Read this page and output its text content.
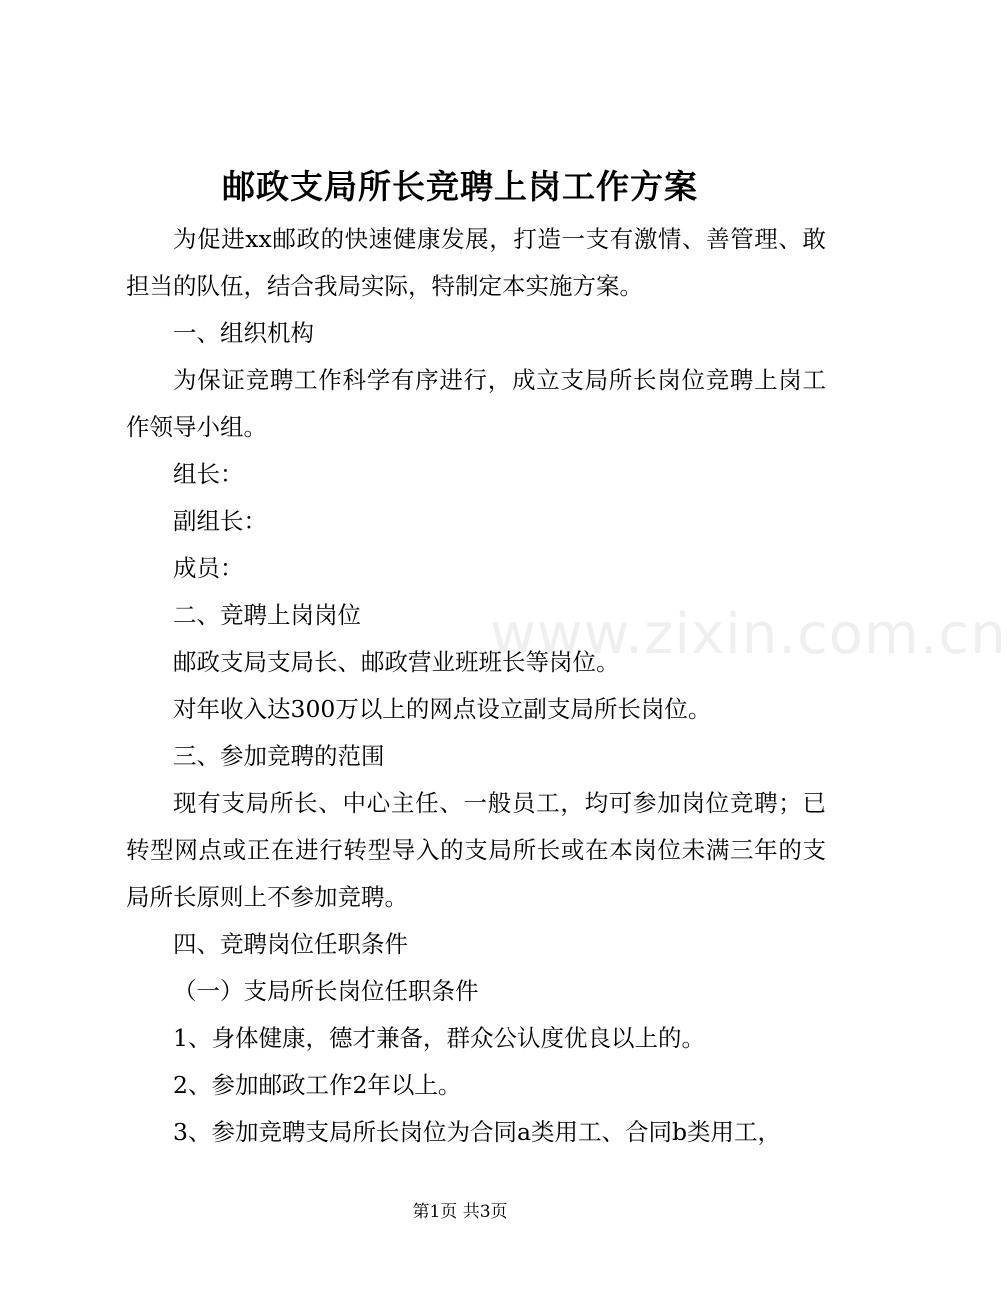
邮政支局所长竞聘上岗工作方案

为促进xx邮政的快速健康发展，打造一支有激情、善管理、敢担当的队伍，结合我局实际，特制定本实施方案。

一、组织机构

为保证竞聘工作科学有序进行，成立支局所长岗位竞聘上岗工作领导小组。

组长：

副组长：

成员：

二、竞聘上岗岗位

邮政支局支局长、邮政营业班班长等岗位。

对年收入达300万以上的网点设立副支局所长岗位。

三、参加竞聘的范围

现有支局所长、中心主任、一般员工，均可参加岗位竞聘；已转型网点或正在进行转型导入的支局所长或在本岗位未满三年的支局所长原则上不参加竞聘。

四、竞聘岗位任职条件

（一）支局所长岗位任职条件

1、身体健康，德才兼备，群众公认度优良以上的。

2、参加邮政工作2年以上。

3、参加竞聘支局所长岗位为合同a类用工、合同b类用工，

www.zixin.com.cn
第1页 共3页
